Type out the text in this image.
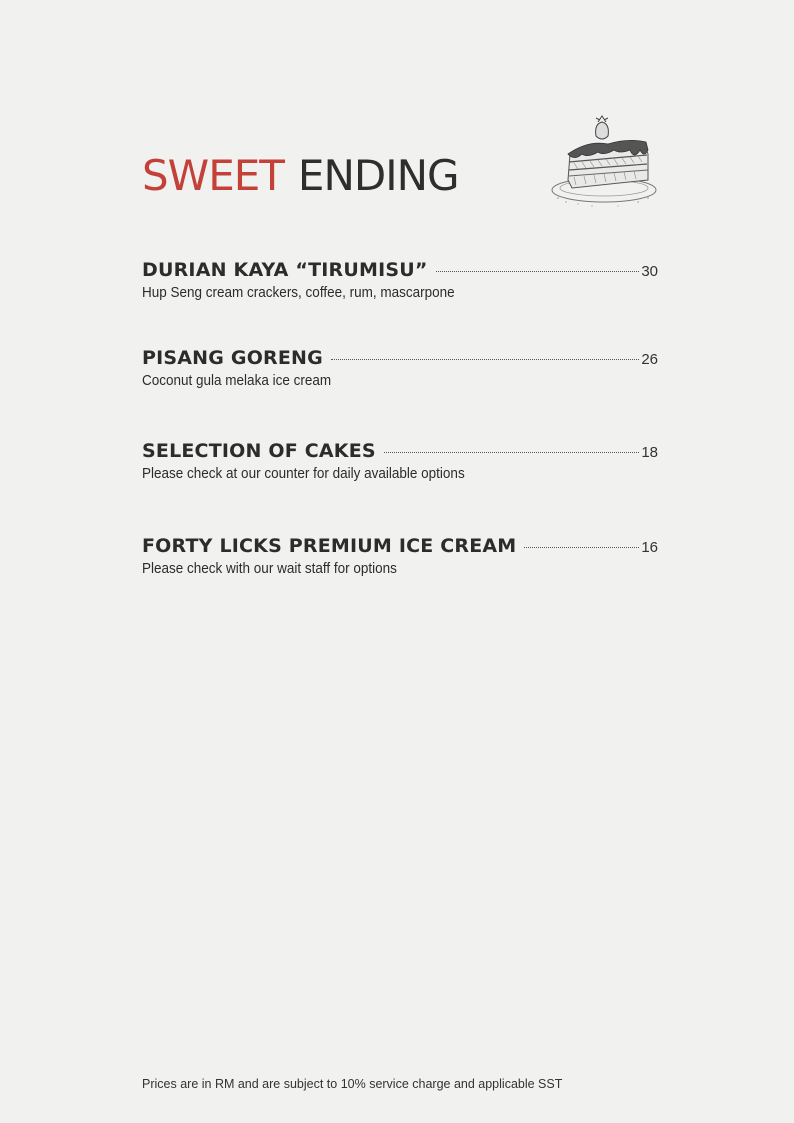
SWEET ENDING
DURIAN KAYA “TIRUMISU”	30
Hup Seng cream crackers, coffee, rum, mascarpone
PISANG GORENG	26
Coconut gula melaka ice cream
SELECTION OF CAKES	18
Please check at our counter for daily available options
FORTY LICKS PREMIUM ICE CREAM	16
Please check with our wait staff for options
Prices are in RM and are subject to 10% service charge and applicable SST
